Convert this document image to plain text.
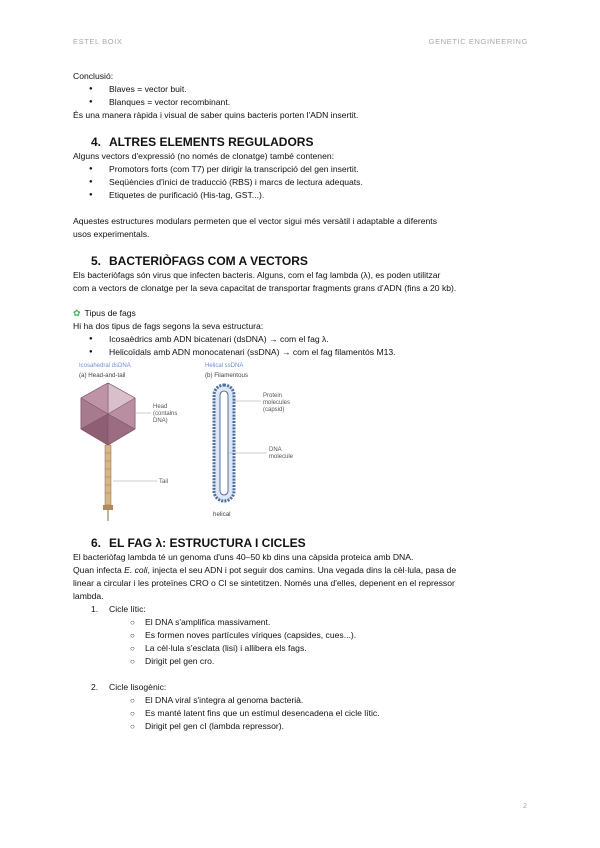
ESTEL BOIX	GENETIC ENGINEERING

Conclusió:

● Blaves = vector buit.

● Blanques = vector recombinant.

És una manera ràpida i visual de saber quins bacteris porten l'ADN insertit.

4. ALTRES ELEMENTS REGULADORS

Alguns vectors d'expressió (no només de clonatge) també contenen:

● Promotors forts (com T7) per dirigir la transcripció del gen insertit.

● Seqüències d'inici de traducció (RBS) i marcs de lectura adequats.

● Etiquetes de purificació (His-tag, GST...).

Aquestes estructures modulars permeten que el vector sigui més versàtil i adaptable a diferents

usos experimentals.

5. BACTERIÒFAGS COM A VECTORS

Els bacteriòfags són virus que infecten bacteris. Alguns, com el fag lambda (λ), es poden utilitzar

com a vectors de clonatge per la seva capacitat de transportar fragments grans d'ADN (fins a 20 kb).

✿ Tipus de fags

Hi ha dos tipus de fags segons la seva estructura:

● Icosaèdrics amb ADN bicatenari (dsDNA) → com el fag λ.

● Helicoïdals amb ADN monocatenari (ssDNA) → com el fag filamentós M13.

Icosahedral dsDNA
(a) Head-and-tail
Head
(contains
DNA)
Tail
Helical ssDNA
(b) Filamentous
Protein
molecules
(capsid)
DNA
molecule
helical
6. EL FAG λ: ESTRUCTURA I CICLES

El bacteriòfag lambda té un genoma d'uns 40–50 kb dins una càpsida proteica amb DNA.

Quan infecta E. coli, injecta el seu ADN i pot seguir dos camins. Una vegada dins la cèl·lula, pasa de

linear a circular i les proteïnes CRO o CI se sintetitzen. Només una d'elles, depenent en el repressor

lambda.

1. Cicle lític:

○ El DNA s'amplifica massivament.

○ Es formen noves partícules víriques (capsides, cues...).

○ La cèl·lula s'esclata (lisi) i allibera els fags.

○ Dirigit pel gen cro.

2. Cicle lisogènic:

○ El DNA viral s'integra al genoma bacterià.

○ Es manté latent fins que un estímul desencadena el cicle lític.

○ Dirigit pel gen cI (lambda repressor).

2
